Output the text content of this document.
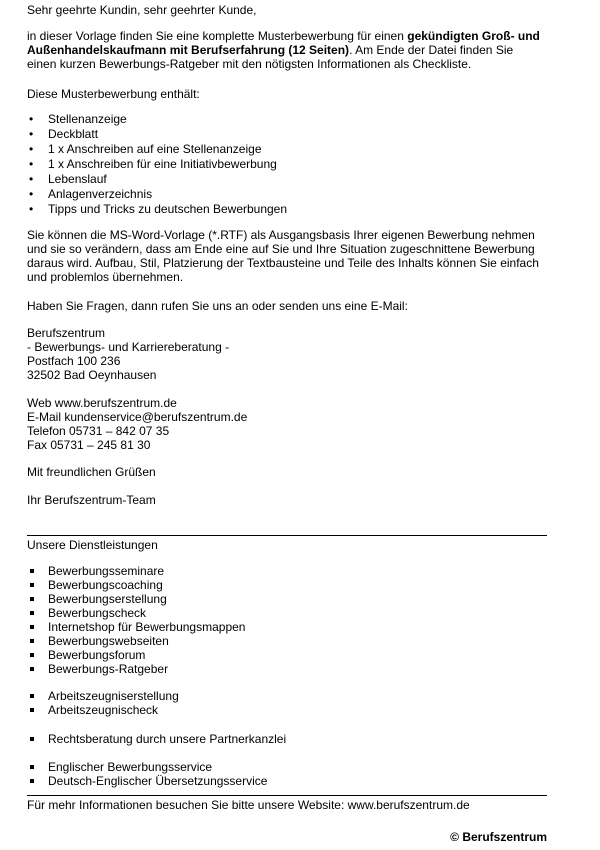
Sehr geehrte Kundin, sehr geehrter Kunde,

in dieser Vorlage finden Sie eine komplette Musterbewerbung für einen gekündigten Groß- und
Außenhandelskaufmann mit Berufserfahrung (12 Seiten). Am Ende der Datei finden Sie
einen kurzen Bewerbungs-Ratgeber mit den nötigsten Informationen als Checkliste.

Diese Musterbewerbung enthält:

Stellenanzeige
Deckblatt
1 x Anschreiben auf eine Stellenanzeige
1 x Anschreiben für eine Initiativbewerbung
Lebenslauf
Anlagenverzeichnis
Tipps und Tricks zu deutschen Bewerbungen
Sie können die MS-Word-Vorlage (*.RTF) als Ausgangsbasis Ihrer eigenen Bewerbung nehmen
und sie so verändern, dass am Ende eine auf Sie und Ihre Situation zugeschnittene Bewerbung
daraus wird. Aufbau, Stil, Platzierung der Textbausteine und Teile des Inhalts können Sie einfach
und problemlos übernehmen.

Haben Sie Fragen, dann rufen Sie uns an oder senden uns eine E-Mail:

Berufszentrum
- Bewerbungs- und Karriereberatung -
Postfach 100 236
32502 Bad Oeynhausen
Web www.berufszentrum.de
E-Mail kundenservice@berufszentrum.de
Telefon 05731 – 842 07 35
Fax 05731 – 245 81 30

Mit freundlichen Grüßen

Ihr Berufszentrum-Team

Unsere Dienstleistungen

Bewerbungsseminare
Bewerbungscoaching
Bewerbungserstellung
Bewerbungscheck
Internetshop für Bewerbungsmappen
Bewerbungswebseiten
Bewerbungsforum
Bewerbungs-Ratgeber
Arbeitszeugniserstellung
Arbeitszeugnischeck
Rechtsberatung durch unsere Partnerkanzlei
Englischer Bewerbungsservice
Deutsch-Englischer Übersetzungsservice

Für mehr Informationen besuchen Sie bitte unsere Website: www.berufszentrum.de

© Berufszentrum
